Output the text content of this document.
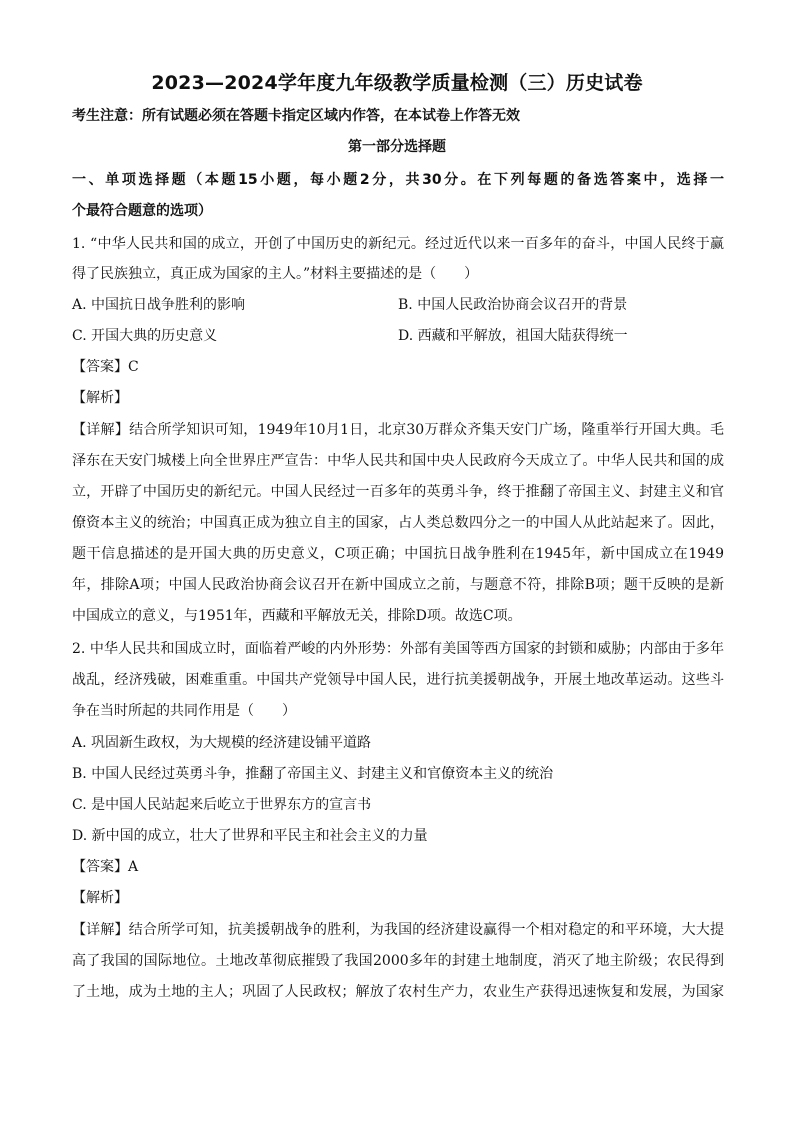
2023—2024学年度九年级教学质量检测（三）历史试卷
考生注意：所有试题必须在答题卡指定区域内作答，在本试卷上作答无效
第一部分选择题
一、单项选择题（本题15小题，每小题2分，共30分。在下列每题的备选答案中，选择一
个最符合题意的选项）
1. “中华人民共和国的成立，开创了中国历史的新纪元。经过近代以来一百多年的奋斗，中国人民终于赢
得了民族独立，真正成为国家的主人。”材料主要描述的是（　　）
A. 中国抗日战争胜利的影响	B. 中国人民政治协商会议召开的背景
C. 开国大典的历史意义	D. 西藏和平解放，祖国大陆获得统一
【答案】C
【解析】
【详解】结合所学知识可知，1949年10月1日，北京30万群众齐集天安门广场，隆重举行开国大典。毛
泽东在天安门城楼上向全世界庄严宣告：中华人民共和国中央人民政府今天成立了。中华人民共和国的成
立，开辟了中国历史的新纪元。中国人民经过一百多年的英勇斗争，终于推翻了帝国主义、封建主义和官
僚资本主义的统治；中国真正成为独立自主的国家，占人类总数四分之一的中国人从此站起来了。因此，
题干信息描述的是开国大典的历史意义，C项正确；中国抗日战争胜利在1945年，新中国成立在1949
年，排除A项；中国人民政治协商会议召开在新中国成立之前，与题意不符，排除B项；题干反映的是新
中国成立的意义，与1951年，西藏和平解放无关，排除D项。故选C项。
2. 中华人民共和国成立时，面临着严峻的内外形势：外部有美国等西方国家的封锁和威胁；内部由于多年
战乱，经济残破，困难重重。中国共产党领导中国人民，进行抗美援朝战争，开展土地改革运动。这些斗
争在当时所起的共同作用是（　　）
A. 巩固新生政权，为大规模的经济建设铺平道路
B. 中国人民经过英勇斗争，推翻了帝国主义、封建主义和官僚资本主义的统治
C. 是中国人民站起来后屹立于世界东方的宣言书
D. 新中国的成立，壮大了世界和平民主和社会主义的力量
【答案】A
【解析】
【详解】结合所学可知，抗美援朝战争的胜利，为我国的经济建设赢得一个相对稳定的和平环境，大大提
高了我国的国际地位。土地改革彻底摧毁了我国2000多年的封建土地制度，消灭了地主阶级；农民得到
了土地，成为土地的主人；巩固了人民政权；解放了农村生产力，农业生产获得迅速恢复和发展，为国家
